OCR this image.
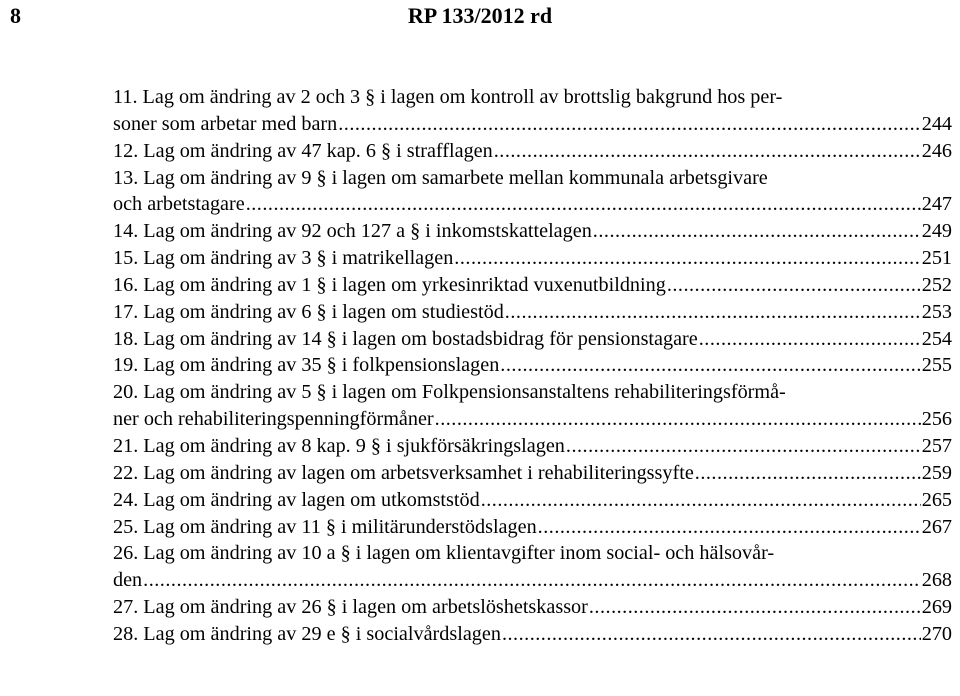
8	RP 133/2012 rd
11. Lag om ändring av 2 och 3 § i lagen om kontroll av brottslig bakgrund hos per-
soner som arbetar med barn .....	244
12. Lag om ändring av 47 kap. 6 § i strafflagen .....	246
13. Lag om ändring av 9 § i lagen om samarbete mellan kommunala arbetsgivare
och arbetstagare .....	247
14. Lag om ändring av 92 och 127 a § i inkomstskattelagen .....	249
15. Lag om ändring av 3 § i matrikellagen .....	251
16. Lag om ändring av 1 § i lagen om yrkesinriktad vuxenutbildning .....	252
17. Lag om ändring av 6 § i lagen om studiestöd .....	253
18. Lag om ändring av 14 § i lagen om bostadsbidrag för pensionstagare .....	254
19. Lag om ändring av 35 § i folkpensionslagen .....	255
20. Lag om ändring av 5 § i lagen om Folkpensionsanstaltens rehabiliteringsförmå-
ner och rehabiliteringspenningförmåner .....	256
21. Lag om ändring av 8 kap. 9 § i sjukförsäkringslagen .....	257
22. Lag om ändring av lagen om arbetsverksamhet i rehabiliteringssyfte .....	259
24. Lag om ändring av lagen om utkomststöd .....	265
25. Lag om ändring av 11 § i militärunderstödslagen .....	267
26. Lag om ändring av 10 a § i lagen om klientavgifter inom social- och hälsovår-
den .....	268
27. Lag om ändring av 26 § i lagen om arbetslöshetskassor .....	269
28. Lag om ändring av 29 e § i socialvårdslagen .....	270
